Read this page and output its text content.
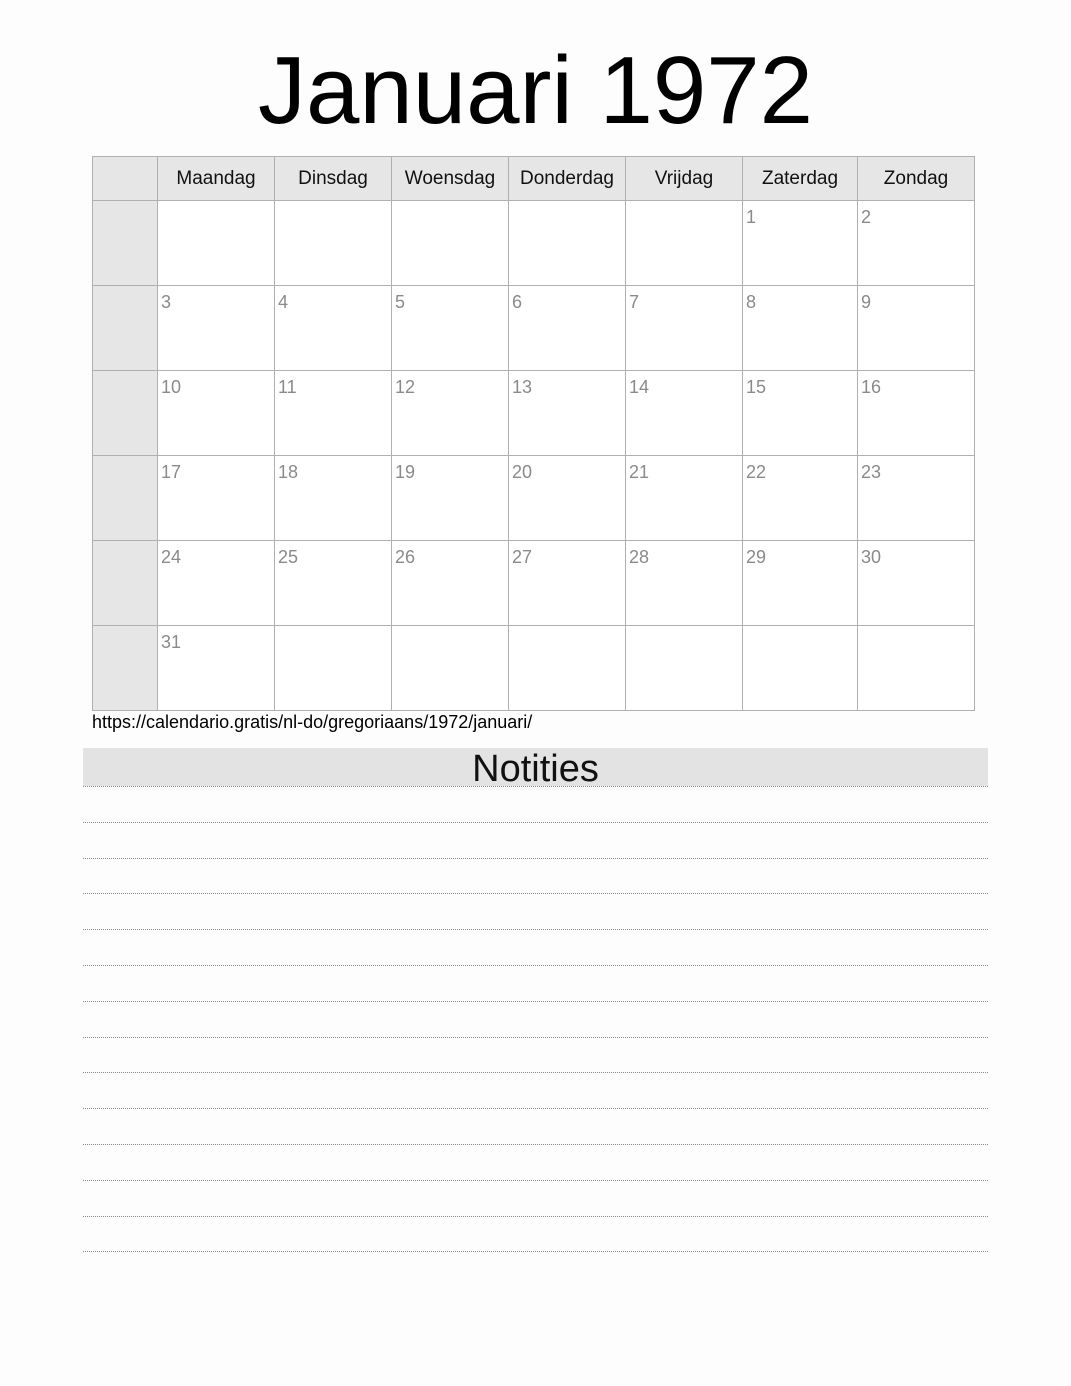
Januari 1972
	Maandag	Dinsdag	Woensdag	Donderdag	Vrijdag	Zaterdag	Zondag

						1	2

	3	4	5	6	7	8	9

	10	11	12	13	14	15	16

	17	18	19	20	21	22	23

	24	25	26	27	28	29	30

	31						

https://calendario.gratis/nl-do/gregoriaans/1972/januari/
Notities
